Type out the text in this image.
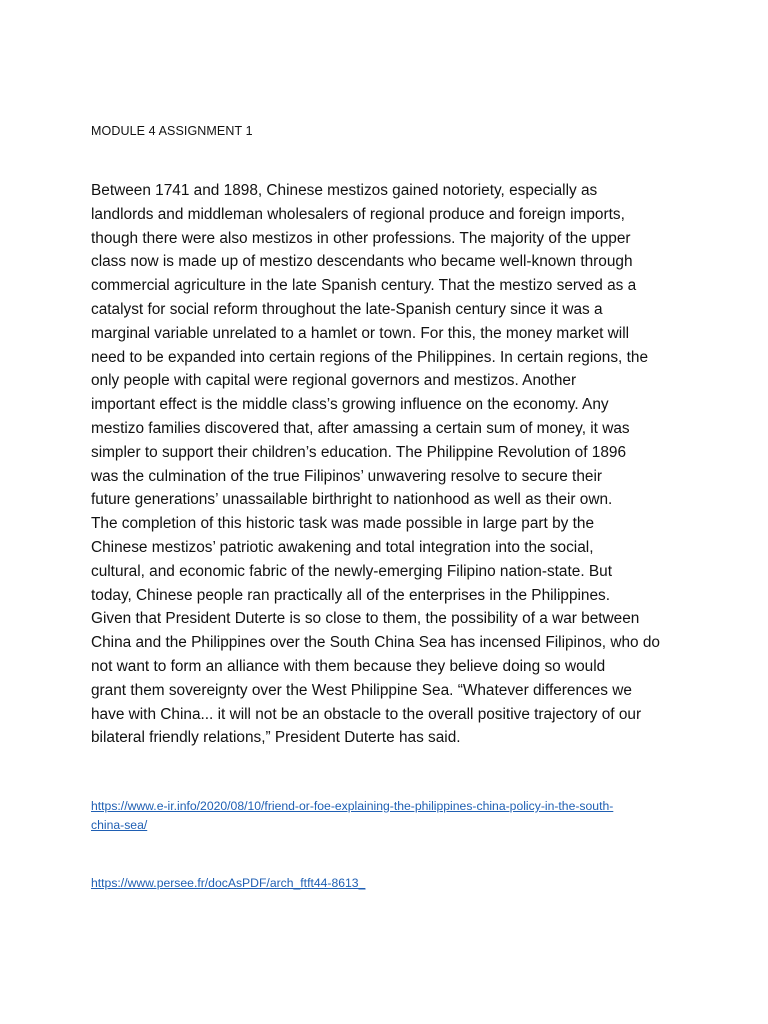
MODULE 4 ASSIGNMENT 1
Between 1741 and 1898, Chinese mestizos gained notoriety, especially as
landlords and middleman wholesalers of regional produce and foreign imports,
though there were also mestizos in other professions. The majority of the upper
class now is made up of mestizo descendants who became well-known through
commercial agriculture in the late Spanish century. That the mestizo served as a
catalyst for social reform throughout the late-Spanish century since it was a
marginal variable unrelated to a hamlet or town. For this, the money market will
need to be expanded into certain regions of the Philippines. In certain regions, the
only people with capital were regional governors and mestizos. Another
important effect is the middle class’s growing influence on the economy. Any
mestizo families discovered that, after amassing a certain sum of money, it was
simpler to support their children’s education. The Philippine Revolution of 1896
was the culmination of the true Filipinos’ unwavering resolve to secure their
future generations’ unassailable birthright to nationhood as well as their own.
The completion of this historic task was made possible in large part by the
Chinese mestizos’ patriotic awakening and total integration into the social,
cultural, and economic fabric of the newly-emerging Filipino nation-state. But
today, Chinese people ran practically all of the enterprises in the Philippines.
Given that President Duterte is so close to them, the possibility of a war between
China and the Philippines over the South China Sea has incensed Filipinos, who do
not want to form an alliance with them because they believe doing so would
grant them sovereignty over the West Philippine Sea. “Whatever differences we
have with China... it will not be an obstacle to the overall positive trajectory of our
bilateral friendly relations,” President Duterte has said.
https://www.e-ir.info/2020/08/10/friend-or-foe-explaining-the-philippines-china-policy-in-the-south-
china-sea/
https://www.persee.fr/docAsPDF/arch_ftft44-8613_
